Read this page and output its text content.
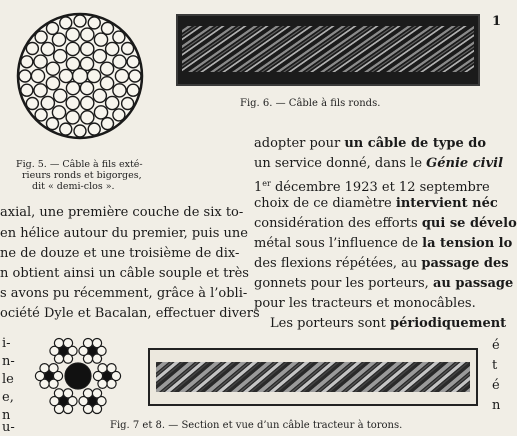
Fig. 5. — Câble à fils exté-
rieurs ronds et bigorges,
dit « demi-clos ».
Fig. 6. — Câble à fils ronds.
1
axial, une première couche de six to-
en hélice autour du premier, puis une
ne de douze et une troisième de dix-
n obtient ainsi un câble souple et très
s avons pu récemment, grâce à l’obli-
ociété Dyle et Bacalan, effectuer divers
adopter pour un câble de type do
un service donné, dans le Génie civil
1er décembre 1923 et 12 septembre
choix de ce diamètre intervient néc
considération des efforts qui se dévelo
métal sous l’influence de la tension lo
des flexions répétées, au passage des
gonnets pour les porteurs, au passage
pour les tracteurs et monocâbles.
Les porteurs sont périodiquement
i-
n-
le
e,
n
u-
é
t
é
n
Fig. 7 et 8. — Section et vue d’un câble tracteur à torons.
